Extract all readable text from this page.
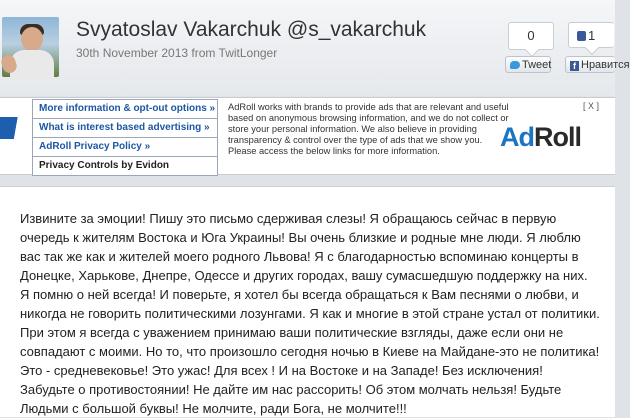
Svyatoslav Vakarchuk @s_vakarchuk
30th November 2013 from TwitLonger
0	1
Tweet	f Нравится
More information & opt-out options »
What is interest based advertising »
AdRoll Privacy Policy »
Privacy Controls by Evidon
AdRoll works with brands to provide ads that are relevant and useful based on anonymous browsing information, and we do not collect or store your personal information. We also believe in providing transparency & control over the type of ads that we show you. Please access the below links for more information.
[ X ]
AdRoll
Извините за эмоции! Пишу это письмо сдерживая слезы! Я обращаюсь сейчас в первую очередь к жителям Востока и Юга Украины! Вы очень близкие и родные мне люди. Я люблю вас так же как и жителей моего родного Львова! Я с благодарностью вспоминаю концерты в Донецке, Харькове, Днепре, Одессе и других городах, вашу сумасшедшую поддержку на них. Я помню о ней всегда! И поверьте, я хотел бы всегда обращаться к Вам песнями о любви, и никогда не говорить политическими лозунгами. Я как и многие в этой стране устал от политики. При этом я всегда с уважением принимаю ваши политические взгляды, даже если они не совпадают с моими. Но то, что произошло сегодня ночью в Киеве на Майдане-это не политика! Это - средневековье! Это ужас! Для всех ! И на Востоке и на Западе! Без исключения! Забудьте о противостоянии! Не дайте им нас рассорить! Об этом молчать нельзя! Будьте Людьми с большой буквы! Не молчите, ради Бога, не молчите!!!
